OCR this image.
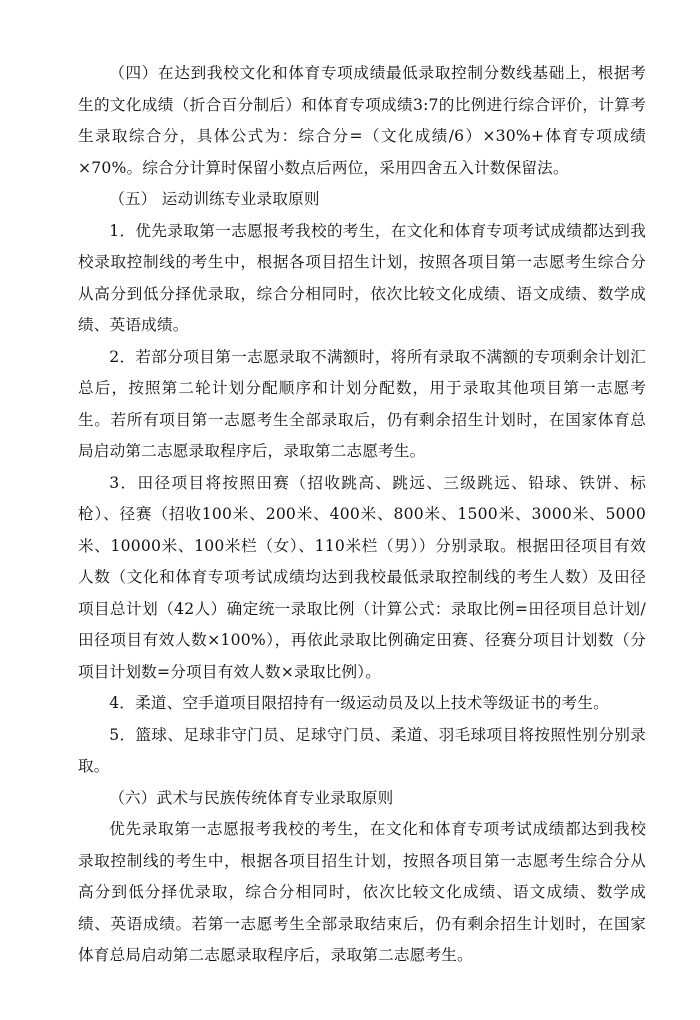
（四）在达到我校文化和体育专项成绩最低录取控制分数线基础上，根据考生的文化成绩（折合百分制后）和体育专项成绩3:7的比例进行综合评价，计算考生录取综合分，具体公式为：综合分=（文化成绩/6）×30%+体育专项成绩×70%。综合分计算时保留小数点后两位，采用四舍五入计数保留法。

（五） 运动训练专业录取原则

1．优先录取第一志愿报考我校的考生，在文化和体育专项考试成绩都达到我校录取控制线的考生中，根据各项目招生计划，按照各项目第一志愿考生综合分从高分到低分择优录取，综合分相同时，依次比较文化成绩、语文成绩、数学成绩、英语成绩。

2．若部分项目第一志愿录取不满额时，将所有录取不满额的专项剩余计划汇总后，按照第二轮计划分配顺序和计划分配数，用于录取其他项目第一志愿考生。若所有项目第一志愿考生全部录取后，仍有剩余招生计划时，在国家体育总局启动第二志愿录取程序后，录取第二志愿考生。

3．田径项目将按照田赛（招收跳高、跳远、三级跳远、铅球、铁饼、标枪）、径赛（招收100米、200米、400米、800米、1500米、3000米、5000米、10000米、100米栏（女）、110米栏（男））分别录取。根据田径项目有效人数（文化和体育专项考试成绩均达到我校最低录取控制线的考生人数）及田径项目总计划（42人）确定统一录取比例（计算公式：录取比例=田径项目总计划/田径项目有效人数×100%），再依此录取比例确定田赛、径赛分项目计划数（分项目计划数=分项目有效人数×录取比例）。

4．柔道、空手道项目限招持有一级运动员及以上技术等级证书的考生。

5．篮球、足球非守门员、足球守门员、柔道、羽毛球项目将按照性别分别录取。

（六）武术与民族传统体育专业录取原则

优先录取第一志愿报考我校的考生，在文化和体育专项考试成绩都达到我校录取控制线的考生中，根据各项目招生计划，按照各项目第一志愿考生综合分从高分到低分择优录取，综合分相同时，依次比较文化成绩、语文成绩、数学成绩、英语成绩。若第一志愿考生全部录取结束后，仍有剩余招生计划时，在国家体育总局启动第二志愿录取程序后，录取第二志愿考生。
